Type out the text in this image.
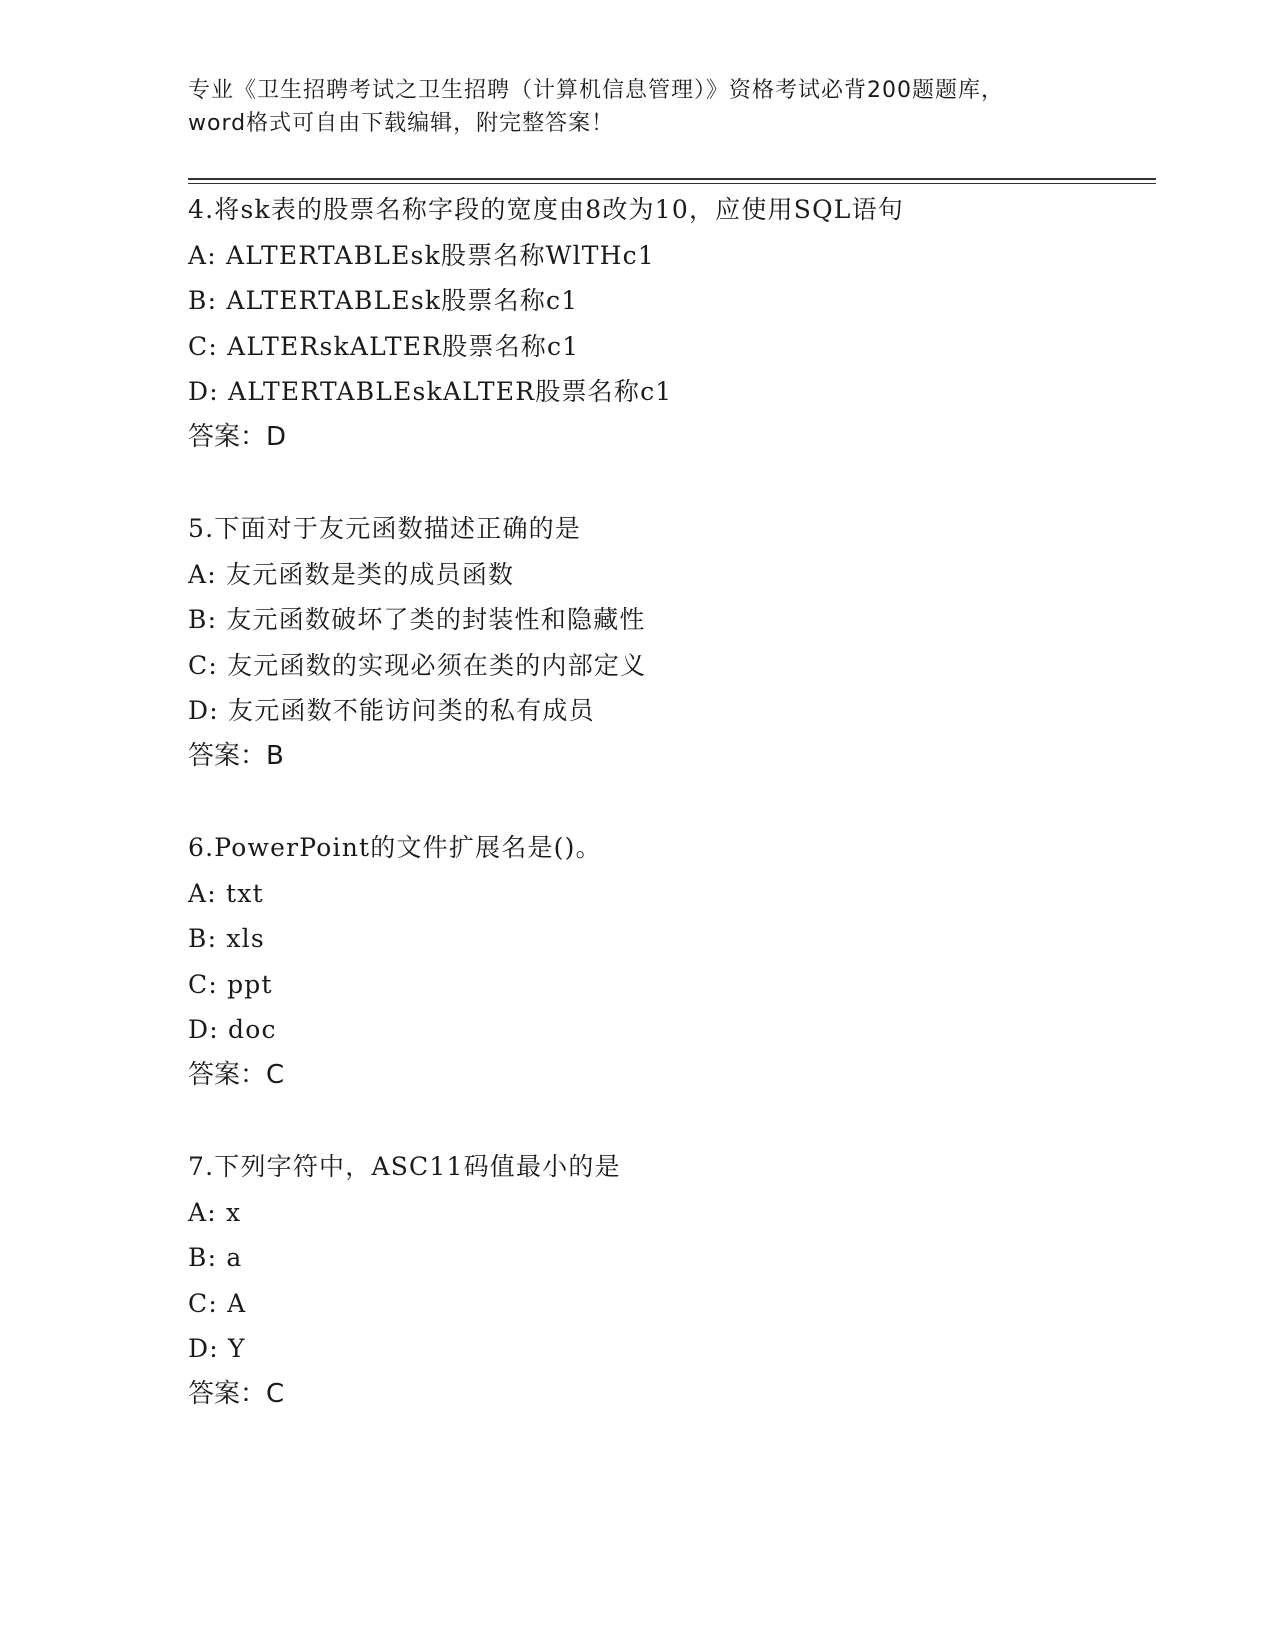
专业《卫生招聘考试之卫生招聘（计算机信息管理）》资格考试必背200题题库，
word格式可自由下载编辑，附完整答案！
4.将sk表的股票名称字段的宽度由8改为10，应使用SQL语句
A: ALTERTABLEsk股票名称WlTHc1
B: ALTERTABLEsk股票名称c1
C: ALTERskALTER股票名称c1
D: ALTERTABLEskALTER股票名称c1
答案：D
5.下面对于友元函数描述正确的是
A: 友元函数是类的成员函数
B: 友元函数破坏了类的封装性和隐藏性
C: 友元函数的实现必须在类的内部定义
D: 友元函数不能访问类的私有成员
答案：B
6.PowerPoint的文件扩展名是()。
A: txt
B: xls
C: ppt
D: doc
答案：C
7.下列字符中，ASC11码值最小的是
A: x
B: a
C: A
D: Y
答案：C
